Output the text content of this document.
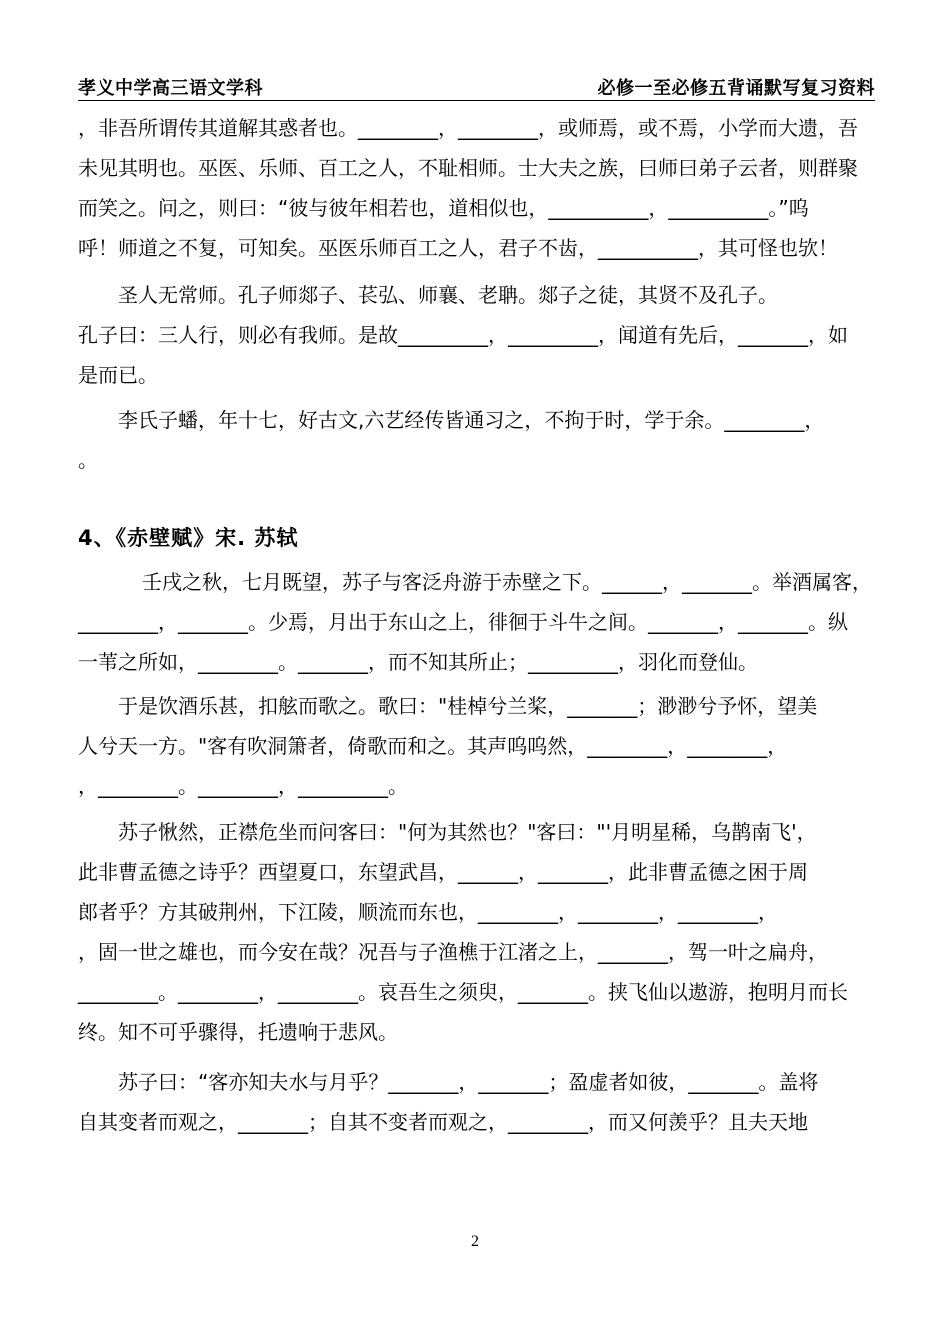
孝义中学高三语文学科	必修一至必修五背诵默写复习资料
，非吾所谓传其道解其惑者也。________，________，或师焉，或不焉，小学而大遗，吾
未见其明也。巫医、乐师、百工之人，不耻相师。士大夫之族，曰师曰弟子云者，则群聚
而笑之。问之，则曰：“彼与彼年相若也，道相似也，__________，__________。”呜
呼！师道之不复，可知矣。巫医乐师百工之人，君子不齿，__________，其可怪也欤！
圣人无常师。孔子师郯子、苌弘、师襄、老聃。郯子之徒，其贤不及孔子。
孔子曰：三人行，则必有我师。是故_________，_________，闻道有先后，_______，如
是而已。
李氏子蟠，年十七，好古文,六艺经传皆通习之，不拘于时，学于余。________，
。
4、《赤壁赋》宋. 苏轼
壬戌之秋，七月既望，苏子与客泛舟游于赤壁之下。______，_______。举酒属客，
________，_______。少焉，月出于东山之上，徘徊于斗牛之间。_______，_______。纵
一苇之所如，________。_______，而不知其所止；_________，羽化而登仙。
于是饮酒乐甚，扣舷而歌之。歌曰："桂棹兮兰桨，_______；渺渺兮予怀，望美
人兮天一方。"客有吹洞箫者，倚歌而和之。其声呜呜然，________，________，
，________。________，_________。
苏子愀然，正襟危坐而问客曰："何为其然也？"客曰："'月明星稀，乌鹊南飞'，
此非曹孟德之诗乎？西望夏口，东望武昌，______，_______，此非曹孟德之困于周
郎者乎？方其破荆州，下江陵，顺流而东也，________，________，________，
，固一世之雄也，而今安在哉？况吾与子渔樵于江渚之上，_______，驾一叶之扁舟，
________。________，________。哀吾生之须臾，_______。挟飞仙以遨游，抱明月而长
终。知不可乎骤得，托遗响于悲风。
苏子曰：“客亦知夫水与月乎？_______，_______；盈虚者如彼，_______。盖将
自其变者而观之，_______；自其不变者而观之，________，而又何羡乎？且夫天地
2
